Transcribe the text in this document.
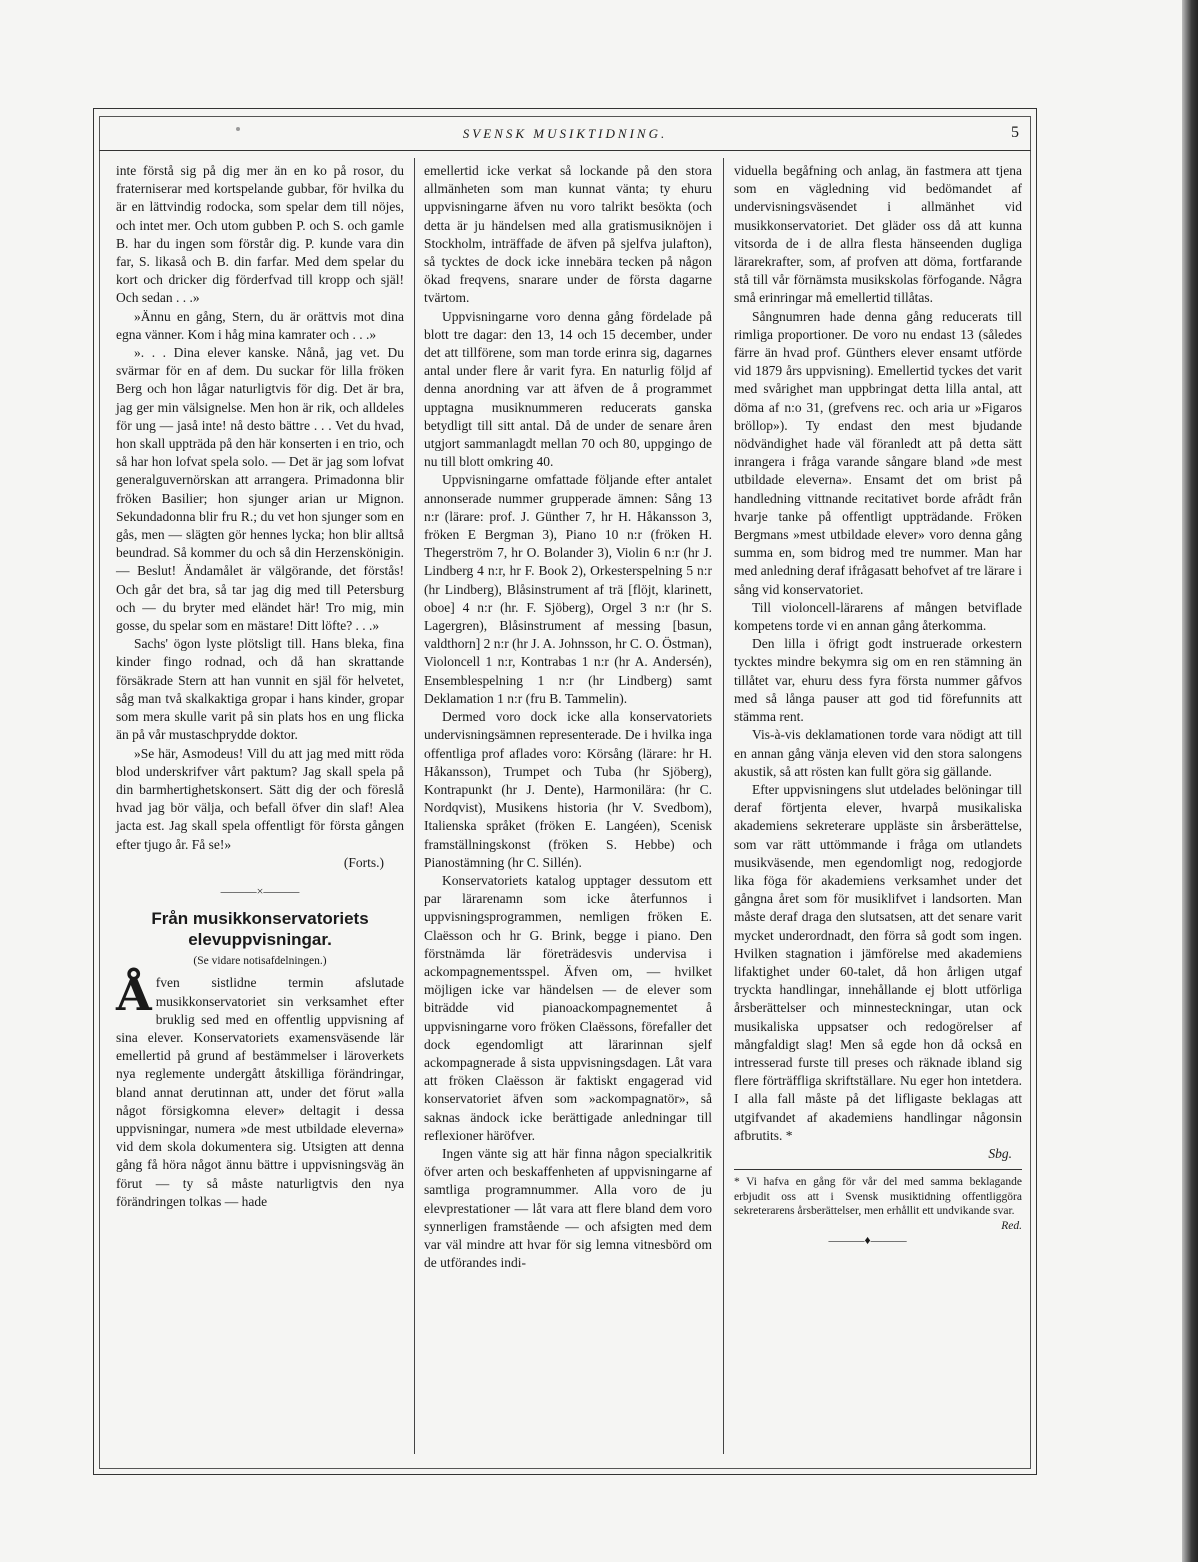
SVENSK MUSIKTIDNING.	5

inte förstå sig på dig mer än en ko på rosor, du fraterniserar med kortspelande gubbar, för hvilka du är en lättvindig rodocka, som spelar dem till nöjes, och intet mer. Och utom gubben P. och S. och gamle B. har du ingen som förstår dig. P. kunde vara din far, S. likaså och B. din farfar. Med dem spelar du kort och dricker dig förderfvad till kropp och själ! Och sedan . . .»

»Ännu en gång, Stern, du är orättvis mot dina egna vänner. Kom i håg mina kamrater och . . .»

». . . Dina elever kanske. Nånå, jag vet. Du svärmar för en af dem. Du suckar för lilla fröken Berg och hon lågar naturligtvis för dig. Det är bra, jag ger min välsignelse. Men hon är rik, och alldeles för ung — jaså inte! nå desto bättre . . . Vet du hvad, hon skall uppträda på den här konserten i en trio, och så har hon lofvat spela solo. — Det är jag som lofvat generalguvernörskan att arrangera. Primadonna blir fröken Basilier; hon sjunger arian ur Mignon. Sekundadonna blir fru R.; du vet hon sjunger som en gås, men — slägten gör hennes lycka; hon blir alltså beundrad. Så kommer du och så din Herzenskönigin. — Beslut! Ändamålet är välgörande, det förstås! Och går det bra, så tar jag dig med till Petersburg och — du bryter med eländet här! Tro mig, min gosse, du spelar som en mästare! Ditt löfte? . . .»

Sachs' ögon lyste plötsligt till. Hans bleka, fina kinder fingo rodnad, och då han skrattande försäkrade Stern att han vunnit en själ för helvetet, såg man två skalkaktiga gropar i hans kinder, gropar som mera skulle varit på sin plats hos en ung flicka än på vår mustaschprydde doktor.

»Se här, Asmodeus! Vill du att jag med mitt röda blod underskrifver vårt paktum? Jag skall spela på din barmhertighetskonsert. Sätt dig der och föreslå hvad jag bör välja, och befall öfver din slaf! Alea jacta est. Jag skall spela offentligt för första gången efter tjugo år. Få se!»

(Forts.)
———×———
Från musikkonservatoriets elevuppvisningar.
(Se vidare notisafdelningen.)

Åfven sistlidne termin afslutade musikkonservatoriet sin verksamhet efter bruklig sed med en offentlig uppvisning af sina elever. Konservatoriets examensväsende lär emellertid på grund af bestämmelser i läroverkets nya reglemente undergått åtskilliga förändringar, bland annat derutinnan att, under det förut »alla något försigkomna elever» deltagit i dessa uppvisningar, numera »de mest utbildade eleverna» vid dem skola dokumentera sig. Utsigten att denna gång få höra något ännu bättre i uppvisningsväg än förut — ty så måste naturligtvis den nya förändringen tolkas — hade

emellertid icke verkat så lockande på den stora allmänheten som man kunnat vänta; ty ehuru uppvisningarne äfven nu voro talrikt besökta (och detta är ju händelsen med alla gratismusiknöjen i Stockholm, inträffade de äfven på sjelfva julafton), så tycktes de dock icke innebära tecken på någon ökad freqvens, snarare under de första dagarne tvärtom.

Uppvisningarne voro denna gång fördelade på blott tre dagar: den 13, 14 och 15 december, under det att tillförene, som man torde erinra sig, dagarnes antal under flere år varit fyra. En naturlig följd af denna anordning var att äfven de å programmet upptagna musiknummeren reducerats ganska betydligt till sitt antal. Då de under de senare åren utgjort sammanlagdt mellan 70 och 80, uppgingo de nu till blott omkring 40.

Uppvisningarne omfattade följande efter antalet annonserade nummer grupperade ämnen: Sång 13 n:r (lärare: prof. J. Günther 7, hr H. Håkansson 3, fröken E Bergman 3), Piano 10 n:r (fröken H. Thegerström 7, hr O. Bolander 3), Violin 6 n:r (hr J. Lindberg 4 n:r, hr F. Book 2), Orkesterspelning 5 n:r (hr Lindberg), Blåsinstrument af trä [flöjt, klarinett, oboe] 4 n:r (hr. F. Sjöberg), Orgel 3 n:r (hr S. Lagergren), Blåsinstrument af messing [basun, valdthorn] 2 n:r (hr J. A. Johnsson, hr C. O. Östman), Violoncell 1 n:r, Kontrabas 1 n:r (hr A. Andersén), Ensemblespelning 1 n:r (hr Lindberg) samt Deklamation 1 n:r (fru B. Tammelin).

Dermed voro dock icke alla konservatoriets undervisningsämnen representerade. De i hvilka inga offentliga prof aflades voro: Körsång (lärare: hr H. Håkansson), Trumpet och Tuba (hr Sjöberg), Kontrapunkt (hr J. Dente), Harmonilära: (hr C. Nordqvist), Musikens historia (hr V. Svedbom), Italienska språket (fröken E. Langéen), Scenisk framställningskonst (fröken S. Hebbe) och Pianostämning (hr C. Sillén).

Konservatoriets katalog upptager dessutom ett par lärarenamn som icke återfunnos i uppvisningsprogrammen, nemligen fröken E. Claësson och hr G. Brink, begge i piano. Den förstnämda lär företrädesvis undervisa i ackompagnementsspel. Äfven om, — hvilket möjligen icke var händelsen — de elever som biträdde vid pianoackompagnementet å uppvisningarne voro fröken Claëssons, förefaller det dock egendomligt att lärarinnan sjelf ackompagnerade å sista uppvisningsdagen. Låt vara att fröken Claësson är faktiskt engagerad vid konservatoriet äfven som »ackompagnatör», så saknas ändock icke berättigade anledningar till reflexioner häröfver.

Ingen vänte sig att här finna någon specialkritik öfver arten och beskaffenheten af uppvisningarne af samtliga programnummer. Alla voro de ju elevprestationer — låt vara att flere bland dem voro synnerligen framstående — och afsigten med dem var väl mindre att hvar för sig lemna vitnesbörd om de utförandes indi-

viduella begåfning och anlag, än fastmera att tjena som en vägledning vid bedömandet af undervisningsväsendet i allmänhet vid musikkonservatoriet. Det gläder oss då att kunna vitsorda de i de allra flesta hänseenden dugliga lärarekrafter, som, af profven att döma, fortfarande stå till vår förnämsta musikskolas förfogande. Några små erinringar må emellertid tillåtas.

Sångnumren hade denna gång reducerats till rimliga proportioner. De voro nu endast 13 (således färre än hvad prof. Günthers elever ensamt utförde vid 1879 års uppvisning). Emellertid tyckes det varit med svårighet man uppbringat detta lilla antal, att döma af n:o 31, (grefvens rec. och aria ur »Figaros bröllop»). Ty endast den mest bjudande nödvändighet hade väl föranledt att på detta sätt inrangera i fråga varande sångare bland »de mest utbildade eleverna». Ensamt det om brist på handledning vittnande recitativet borde afrådt från hvarje tanke på offentligt uppträdande. Fröken Bergmans »mest utbildade elever» voro denna gång summa en, som bidrog med tre nummer. Man har med anledning deraf ifrågasatt behofvet af tre lärare i sång vid konservatoriet.

Till violoncell-lärarens af mången betviflade kompetens torde vi en annan gång återkomma.

Den lilla i öfrigt godt instruerade orkestern tycktes mindre bekymra sig om en ren stämning än tillåtet var, ehuru dess fyra första nummer gåfvos med så långa pauser att god tid förefunnits att stämma rent.

Vis-à-vis deklamationen torde vara nödigt att till en annan gång vänja eleven vid den stora salongens akustik, så att rösten kan fullt göra sig gällande.

Efter uppvisningens slut utdelades belöningar till deraf förtjenta elever, hvarpå musikaliska akademiens sekreterare uppläste sin årsberättelse, som var rätt uttömmande i fråga om utlandets musikväsende, men egendomligt nog, redogjorde lika föga för akademiens verksamhet under det gångna året som för musiklifvet i landsorten. Man måste deraf draga den slutsatsen, att det senare varit mycket underordnadt, den förra så godt som ingen. Hvilken stagnation i jämförelse med akademiens lifaktighet under 60-talet, då hon årligen utgaf tryckta handlingar, innehållande ej blott utförliga årsberättelser och minnesteckningar, utan ock musikaliska uppsatser och redogörelser af mångfaldigt slag! Men så egde hon då också en intresserad furste till preses och räknade ibland sig flere förträffliga skriftställare. Nu eger hon intetdera. I alla fall måste på det lifligaste beklagas att utgifvandet af akademiens handlingar någonsin afbrutits. *

Sbg.
* Vi hafva en gång för vår del med samma beklagande erbjudit oss att i Svensk musiktidning offentliggöra sekreterarens årsberättelser, men erhållit ett undvikande svar.
Red.
———♦———
